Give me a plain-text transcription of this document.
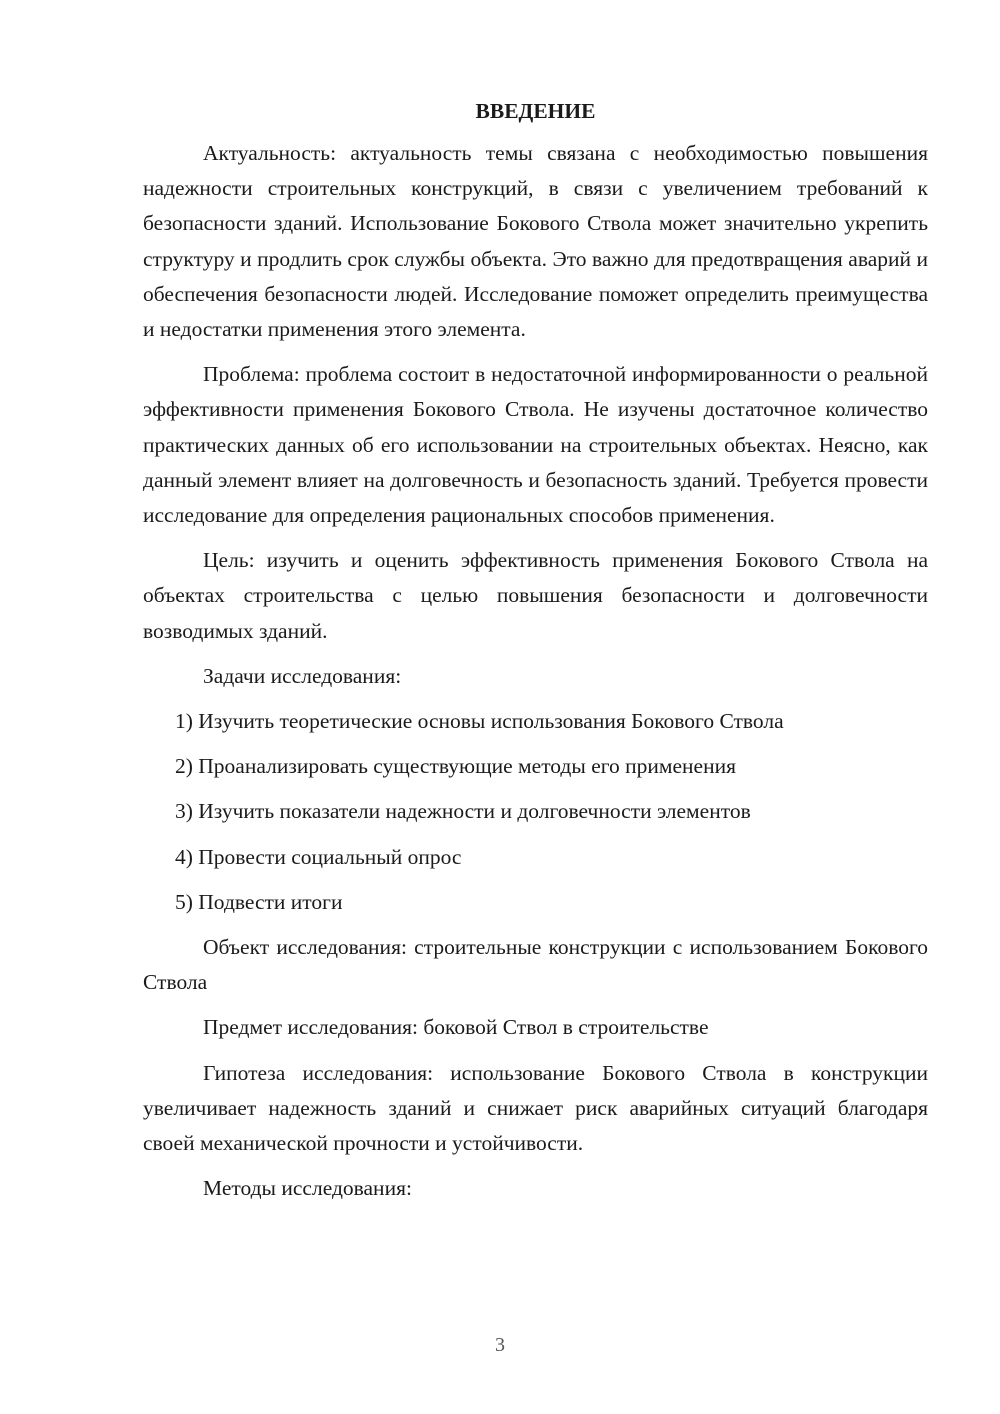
ВВЕДЕНИЕ

Актуальность: актуальность темы связана с необходимостью повышения надежности строительных конструкций, в связи с увеличением требований к безопасности зданий. Использование Бокового Ствола может значительно укрепить структуру и продлить срок службы объекта. Это важно для предотвращения аварий и обеспечения безопасности людей. Исследование поможет определить преимущества и недостатки применения этого элемента.

Проблема: проблема состоит в недостаточной информированности о реальной эффективности применения Бокового Ствола. Не изучены достаточное количество практических данных об его использовании на строительных объектах. Неясно, как данный элемент влияет на долговечность и безопасность зданий. Требуется провести исследование для определения рациональных способов применения.

Цель: изучить и оценить эффективность применения Бокового Ствола на объектах строительства с целью повышения безопасности и долговечности возводимых зданий.

Задачи исследования:

1) Изучить теоретические основы использования Бокового Ствола
2) Проанализировать существующие методы его применения
3) Изучить показатели надежности и долговечности элементов
4) Провести социальный опрос
5) Подвести итоги

Объект исследования: строительные конструкции с использованием Бокового Ствола

Предмет исследования: боковой Ствол в строительстве

Гипотеза исследования: использование Бокового Ствола в конструкции увеличивает надежность зданий и снижает риск аварийных ситуаций благодаря своей механической прочности и устойчивости.

Методы исследования:

3
